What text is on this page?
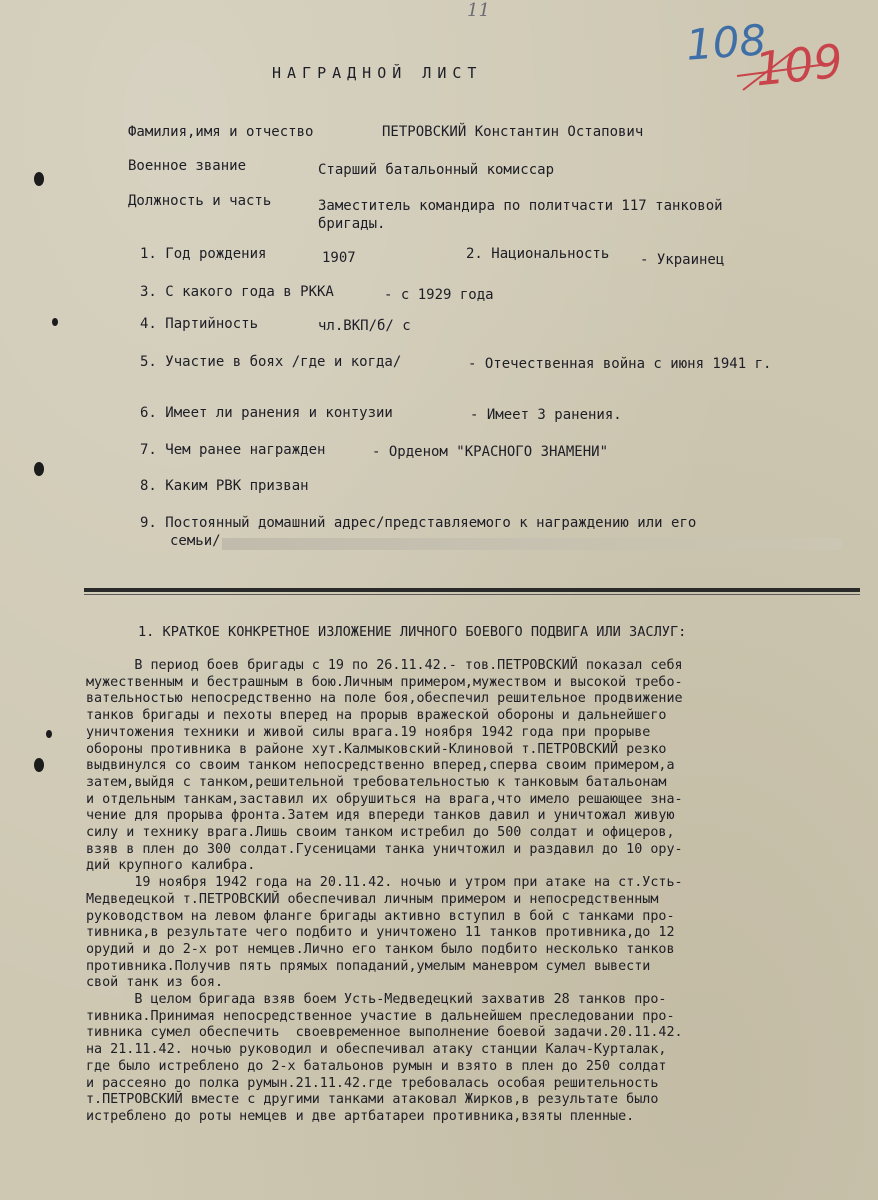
11
108
109
НАГРАДНОЙ ЛИСТ
Фамилия,имя и отчество	ПЕТРОВСКИЙ Константин Остапович
Военное звание	Старший батальонный комиссар
Должность и часть	Заместитель командира по политчасти 117 танковой
бригады.
1. Год рождения	1907	2. Национальность - Украинец
3. С какого года в РККА	- с 1929 года
4. Партийность	чл.ВКП/б/ с
5. Участие в боях /где и когда/	- Отечественная война с июня 1941 г.
6. Имеет ли ранения и контузии	- Имеет 3 ранения.
7. Чем ранее награжден	- Орденом "КРАСНОГО ЗНАМЕНИ"
8. Каким РВК призван
9. Постоянный домашний адрес/представляемого к награждению или его
семьи/
1. КРАТКОЕ КОНКРЕТНОЕ ИЗЛОЖЕНИЕ ЛИЧНОГО БОЕВОГО ПОДВИГА ИЛИ ЗАСЛУГ:
В период боев бригады с 19 по 26.11.42.- тов.ПЕТРОВСКИЙ показал себя
мужественным и бестрашным в бою.Личным примером,мужеством и высокой требо-
вательностью непосредственно на поле боя,обеспечил решительное продвижение
танков бригады и пехоты вперед на прорыв вражеской обороны и дальнейшего
уничтожения техники и живой силы врага.19 ноября 1942 года при прорыве
обороны противника в районе хут.Калмыковский-Клиновой т.ПЕТРОВСКИЙ резко
выдвинулся со своим танком непосредственно вперед,сперва своим примером,а
затем,выйдя с танком,решительной требовательностью к танковым батальонам
и отдельным танкам,заставил их обрушиться на врага,что имело решающее зна-
чение для прорыва фронта.Затем идя впереди танков давил и уничтожал живую
силу и технику врага.Лишь своим танком истребил до 500 солдат и офицеров,
взяв в плен до 300 солдат.Гусеницами танка уничтожил и раздавил до 10 ору-
дий крупного калибра.
19 ноября 1942 года на 20.11.42. ночью и утром при атаке на ст.Усть-
Медведецкой т.ПЕТРОВСКИЙ обеспечивал личным примером и непосредственным
руководством на левом фланге бригады активно вступил в бой с танками про-
тивника,в результате чего подбито и уничтожено 11 танков противника,до 12
орудий и до 2-х рот немцев.Лично его танком было подбито несколько танков
противника.Получив пять прямых попаданий,умелым маневром сумел вывести
свой танк из боя.
В целом бригада взяв боем Усть-Медведецкий захватив 28 танков про-
тивника.Принимая непосредственное участие в дальнейшем преследовании про-
тивника сумел обеспечить  своевременное выполнение боевой задачи.20.11.42.
на 21.11.42. ночью руководил и обеспечивал атаку станции Калач-Курталак,
где было истреблено до 2-х батальонов румын и взято в плен до 250 солдат
и рассеяно до полка румын.21.11.42.где требовалась особая решительность
т.ПЕТРОВСКИЙ вместе с другими танками атаковал Жирков,в результате было
истреблено до роты немцев и две артбатареи противника,взяты пленные.
